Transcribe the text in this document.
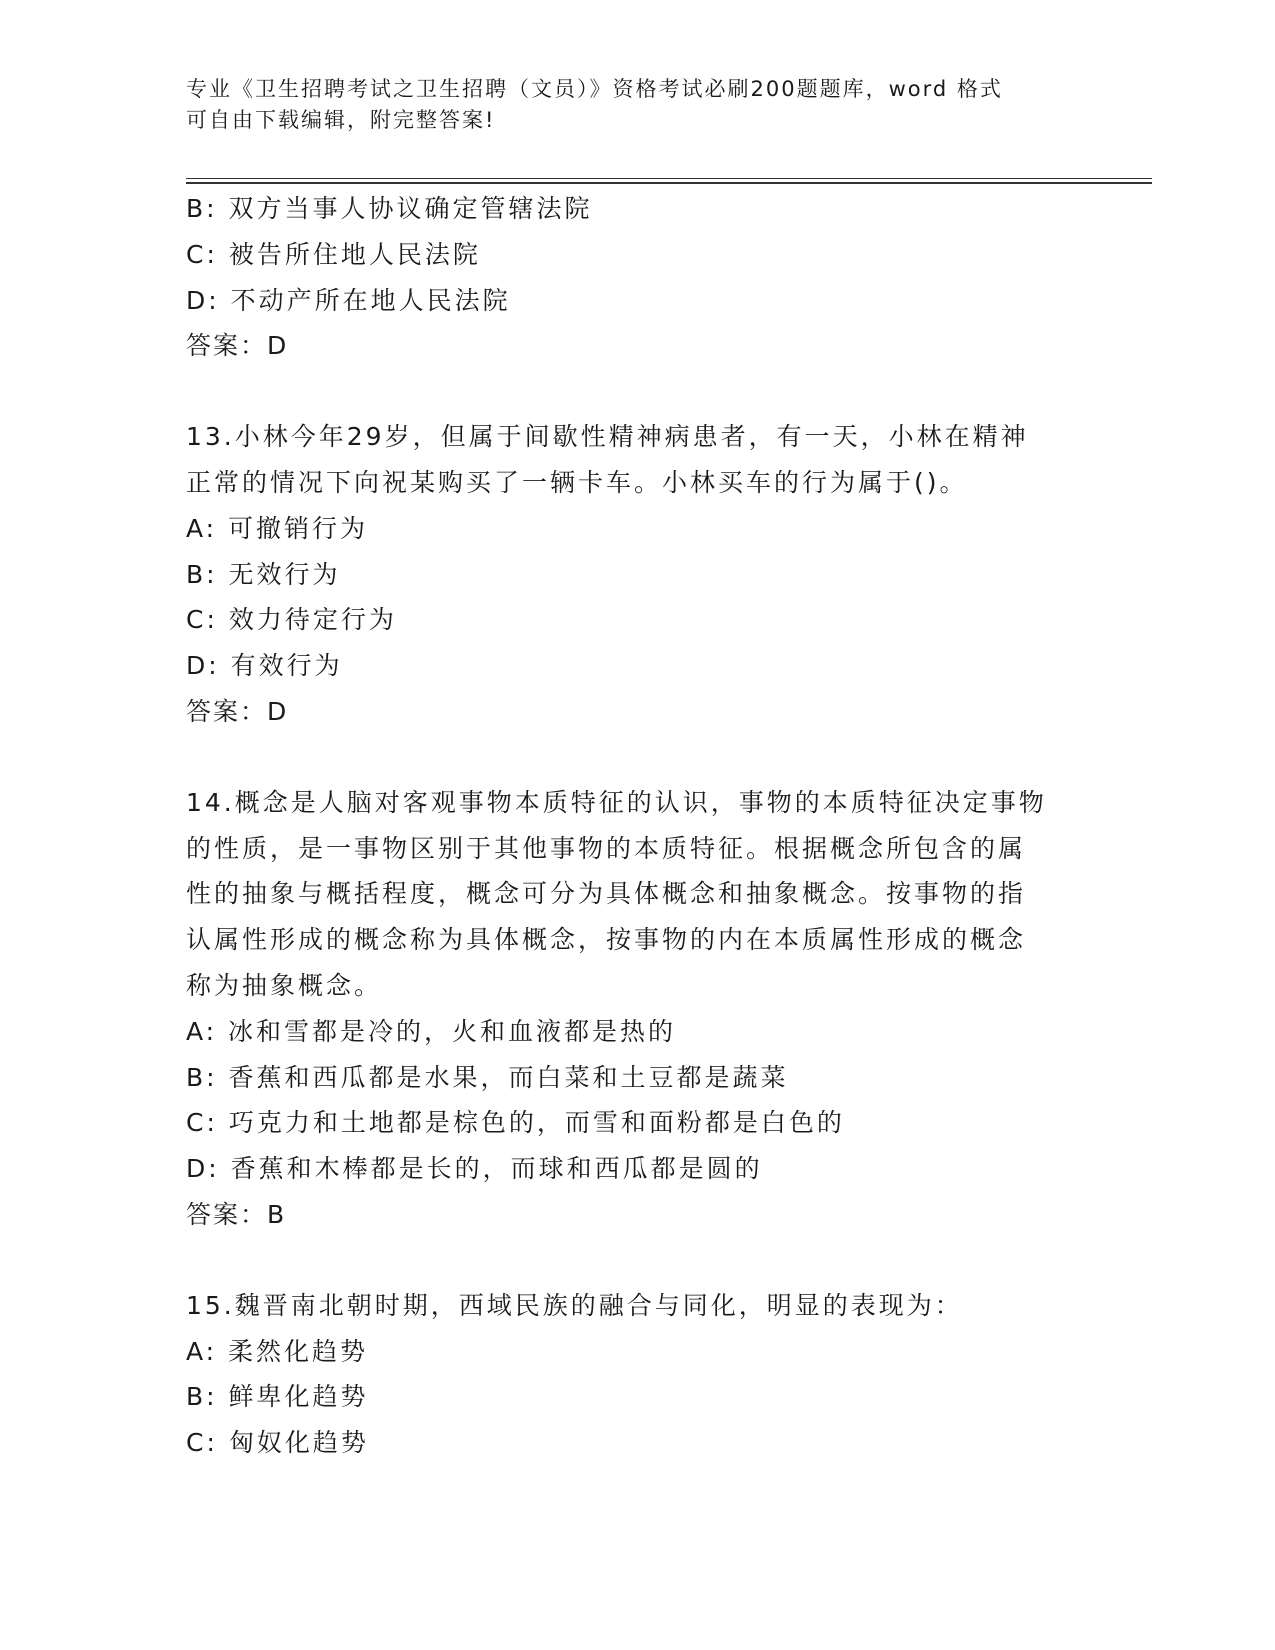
专业《卫生招聘考试之卫生招聘（文员）》资格考试必刷200题题库，word 格式
可自由下载编辑，附完整答案!
B: 双方当事人协议确定管辖法院
C: 被告所住地人民法院
D: 不动产所在地人民法院
答案：D
13.小林今年29岁，但属于间歇性精神病患者，有一天，小林在精神
正常的情况下向祝某购买了一辆卡车。小林买车的行为属于()。
A: 可撤销行为
B: 无效行为
C: 效力待定行为
D: 有效行为
答案：D
14.概念是人脑对客观事物本质特征的认识，事物的本质特征决定事物
的性质，是一事物区别于其他事物的本质特征。根据概念所包含的属
性的抽象与概括程度，概念可分为具体概念和抽象概念。按事物的指
认属性形成的概念称为具体概念，按事物的内在本质属性形成的概念
称为抽象概念。
A: 冰和雪都是冷的，火和血液都是热的
B: 香蕉和西瓜都是水果，而白菜和土豆都是蔬菜
C: 巧克力和土地都是棕色的，而雪和面粉都是白色的
D: 香蕉和木棒都是长的，而球和西瓜都是圆的
答案：B
15.魏晋南北朝时期，西域民族的融合与同化，明显的表现为：
A: 柔然化趋势
B: 鲜卑化趋势
C: 匈奴化趋势
